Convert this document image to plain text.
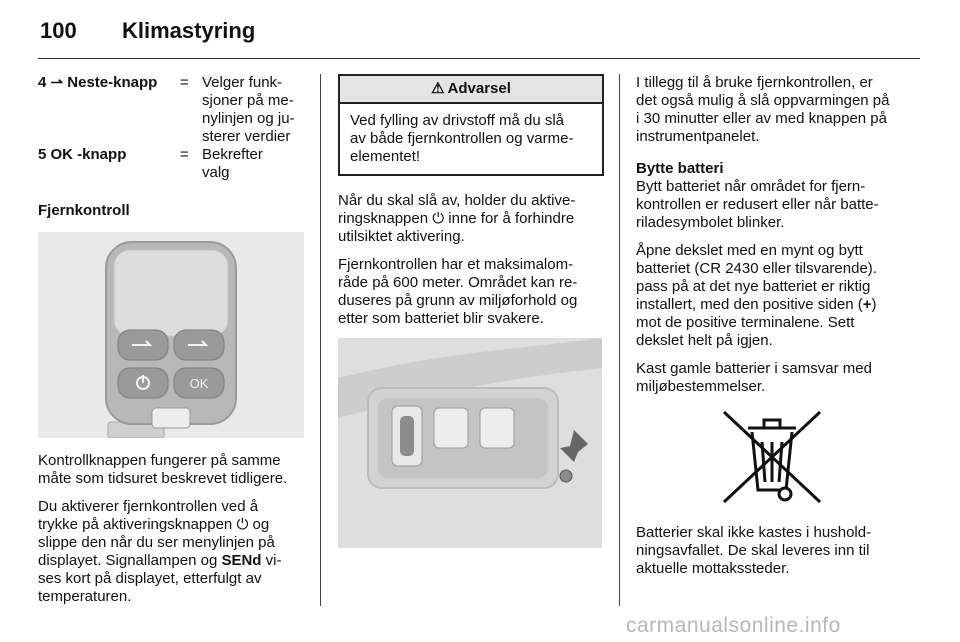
100 Klimastyring
4 ⇀ Neste-knapp	=	Velger funk-
sjoner på me-
nylinjen og ju-
sterer verdier

5 OK -knapp	=	Bekrefter
valg
Fjernkontroll
OK

Kontrollknappen fungerer på samme
måte som tidsuret beskrevet tidligere.

Du aktiverer fjernkontrollen ved å
trykke på aktiveringsknappen ⏻ og
slippe den når du ser menylinjen på
displayet. Signallampen og SENd vi-
ses kort på displayet, etterfulgt av
temperaturen.

⚠ Advarsel
Ved fylling av drivstoff må du slå
av både fjernkontrollen og varme-
elementet!

Når du skal slå av, holder du aktive-
ringsknappen ⏻ inne for å forhindre
utilsiktet aktivering.

Fjernkontrollen har et maksimalom-
råde på 600 meter. Området kan re-
duseres på grunn av miljøforhold og
etter som batteriet blir svakere.

I tillegg til å bruke fjernkontrollen, er
det også mulig å slå oppvarmingen på
i 30 minutter eller av med knappen på
instrumentpanelet.

Bytte batteri

Bytt batteriet når området for fjern-
kontrollen er redusert eller når batte-
riladesymbolet blinker.

Åpne dekslet med en mynt og bytt
batteriet (CR 2430 eller tilsvarende).
pass på at det nye batteriet er riktig
installert, med den positive siden (+)
mot de positive terminalene. Sett
dekslet helt på igjen.

Kast gamle batterier i samsvar med
miljøbestemmelser.

Batterier skal ikke kastes i hushold-
ningsavfallet. De skal leveres inn til
aktuelle mottakssteder.

carmanualsonline.info
